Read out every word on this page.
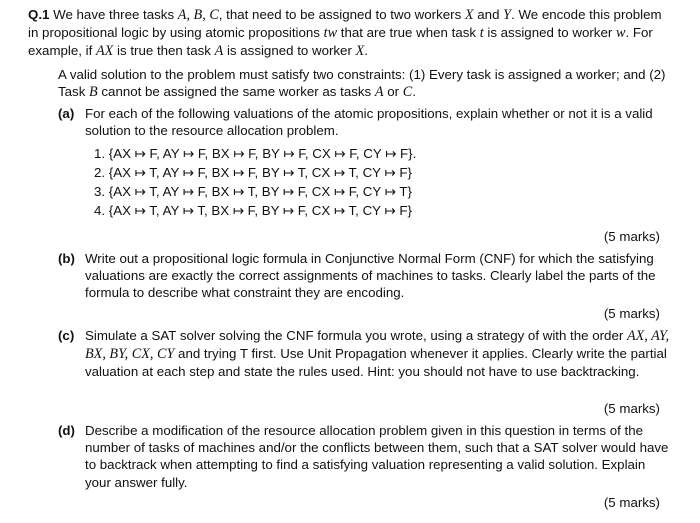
Q.1 We have three tasks A, B, C, that need to be assigned to two workers X and Y. We encode this problem in propositional logic by using atomic propositions tw that are true when task t is assigned to worker w. For example, if AX is true then task A is assigned to worker X.

A valid solution to the problem must satisfy two constraints: (1) Every task is assigned a worker; and (2) Task B cannot be assigned the same worker as tasks A or C.

(a) For each of the following valuations of the atomic propositions, explain whether or not it is a valid solution to the resource allocation problem.

1. {AX ↦ F, AY ↦ F, BX ↦ F, BY ↦ F, CX ↦ F, CY ↦ F}.
2. {AX ↦ T, AY ↦ F, BX ↦ F, BY ↦ T, CX ↦ T, CY ↦ F}
3. {AX ↦ T, AY ↦ F, BX ↦ T, BY ↦ F, CX ↦ F, CY ↦ T}
4. {AX ↦ T, AY ↦ T, BX ↦ F, BY ↦ F, CX ↦ T, CY ↦ F}
(5 marks)
(b) Write out a propositional logic formula in Conjunctive Normal Form (CNF) for which the satisfying valuations are exactly the correct assignments of machines to tasks. Clearly label the parts of the formula to describe what constraint they are encoding.

(5 marks)
(c) Simulate a SAT solver solving the CNF formula you wrote, using a strategy of with the order AX, AY, BX, BY, CX, CY and trying T first. Use Unit Propagation whenever it applies. Clearly write the partial valuation at each step and state the rules used. Hint: you should not have to use backtracking.

(5 marks)
(d) Describe a modification of the resource allocation problem given in this question in terms of the number of tasks of machines and/or the conflicts between them, such that a SAT solver would have to backtrack when attempting to find a satisfying valuation representing a valid solution. Explain your answer fully.

(5 marks)
